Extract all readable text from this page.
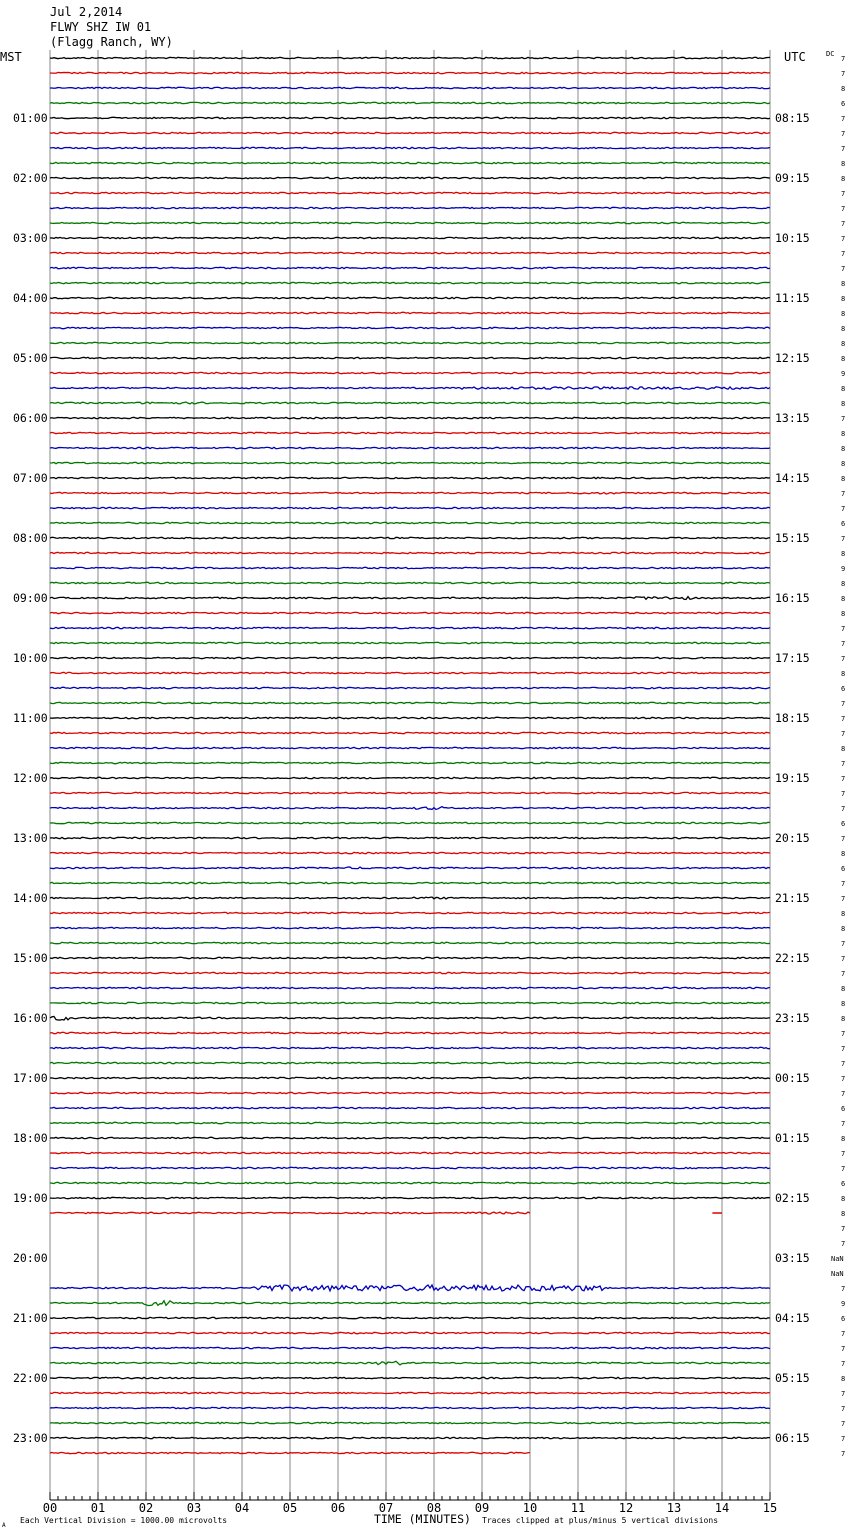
Jul 2,2014
FLWY SHZ IW 01
(Flagg Ranch, WY)
MST	UTC	DC
01:00
02:00
03:00
04:00
05:00
06:00
07:00
08:00
09:00
10:00
11:00
12:00
13:00
14:00
15:00
16:00
17:00
18:00
19:00
20:00
21:00
22:00
23:00
08:15
09:15
10:15
11:15
12:15
13:15
14:15
15:15
16:15
17:15
18:15
19:15
20:15
21:15
22:15
23:15
00:15
01:15
02:15
03:15
04:15
05:15
06:15
7
7
8
6
7
7
7
8
8
7
7
7
7
7
7
8
8
8
8
8
8
9
8
8
7
8
8
8
8
7
7
6
7
8
9
8
8
8
7
7
7
8
6
7
7
7
8
7
7
7
7
6
7
8
6
7
7
8
8
7
7
7
8
8
8
7
7
7
7
7
6
7
8
7
7
6
8
8
7
7
NaN
NaN
7
9
6
7
7
7
8
7
7
7
7
7
00	01	02	03	04	05	06	07	08	09	10	11	12	13	14	15
TIME (MINUTES)
Each Vertical Division = 1000.00 microvolts	Traces clipped at plus/minus 5 vertical divisions
A
